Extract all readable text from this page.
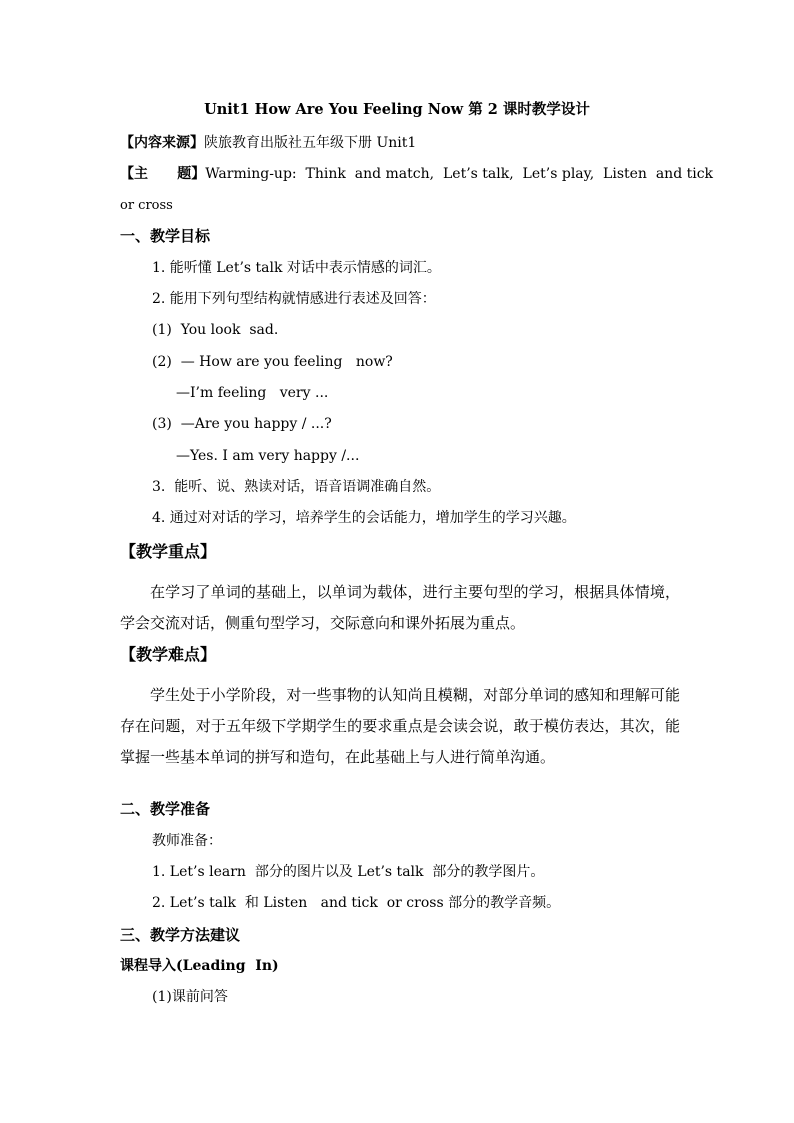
Unit1 How Are You Feeling Now 第 2 课时教学设计
【内容来源】陕旅教育出版社五年级下册 Unit1
【主      题】Warming-up:  Think  and match,  Let’s talk,  Let’s play,  Listen  and tick
or cross
一、教学目标
1. 能听懂 Let’s talk 对话中表示情感的词汇。
2. 能用下列句型结构就情感进行表述及回答：
(1)  You look  sad.
(2)  — How are you feeling   now?
—I’m feeling   very ...
(3)  —Are you happy / ...?
—Yes. I am very happy /...
3.  能听、说、熟读对话，语音语调准确自然。
4. 通过对对话的学习，培养学生的会话能力，增加学生的学习兴趣。
【教学重点】

在学习了单词的基础上，以单词为载体，进行主要句型的学习，根据具体情境，学会交流对话，侧重句型学习，交际意向和课外拓展为重点。

【教学难点】

学生处于小学阶段，对一些事物的认知尚且模糊，对部分单词的感知和理解可能存在问题，对于五年级下学期学生的要求重点是会读会说，敢于模仿表达，其次，能掌握一些基本单词的拼写和造句，在此基础上与人进行简单沟通。

二、教学准备
教师准备：
1. Let’s learn  部分的图片以及 Let’s talk  部分的教学图片。
2. Let’s talk  和 Listen   and tick  or cross 部分的教学音频。
三、教学方法建议
课程导入(Leading  In)
(1)课前问答
